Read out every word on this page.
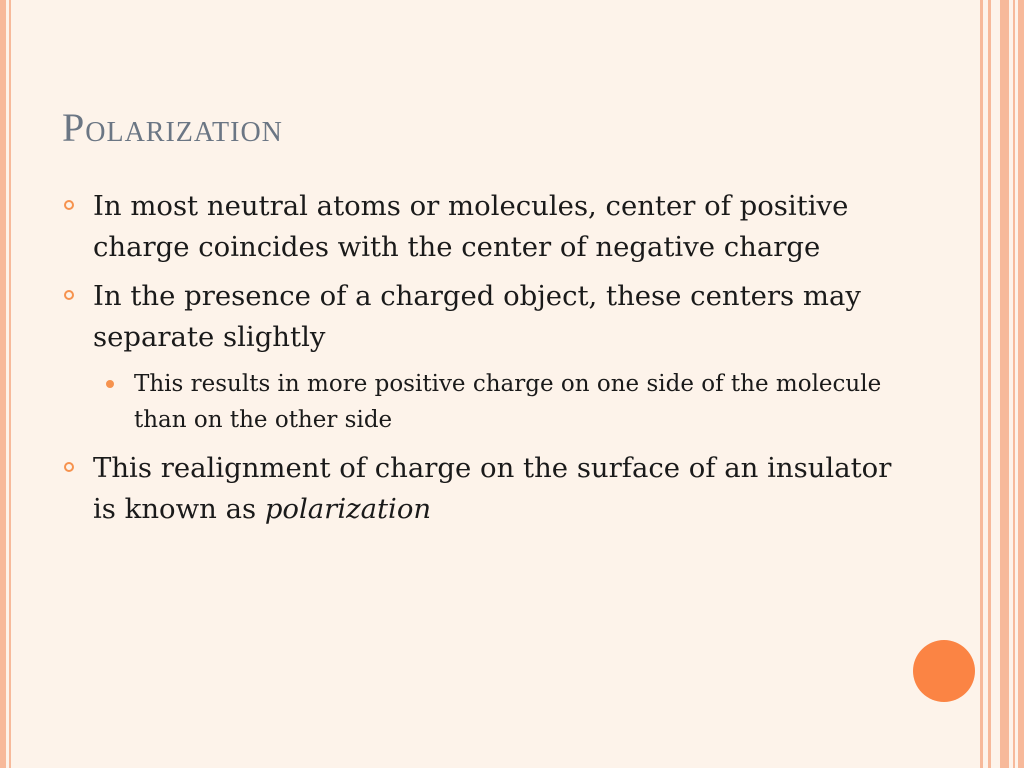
Polarization
In most neutral atoms or molecules, center of positive charge coincides with the center of negative charge
In the presence of a charged object, these centers may separate slightly
This results in more positive charge on one side of the molecule than on the other side
This realignment of charge on the surface of an insulator is known as polarization
